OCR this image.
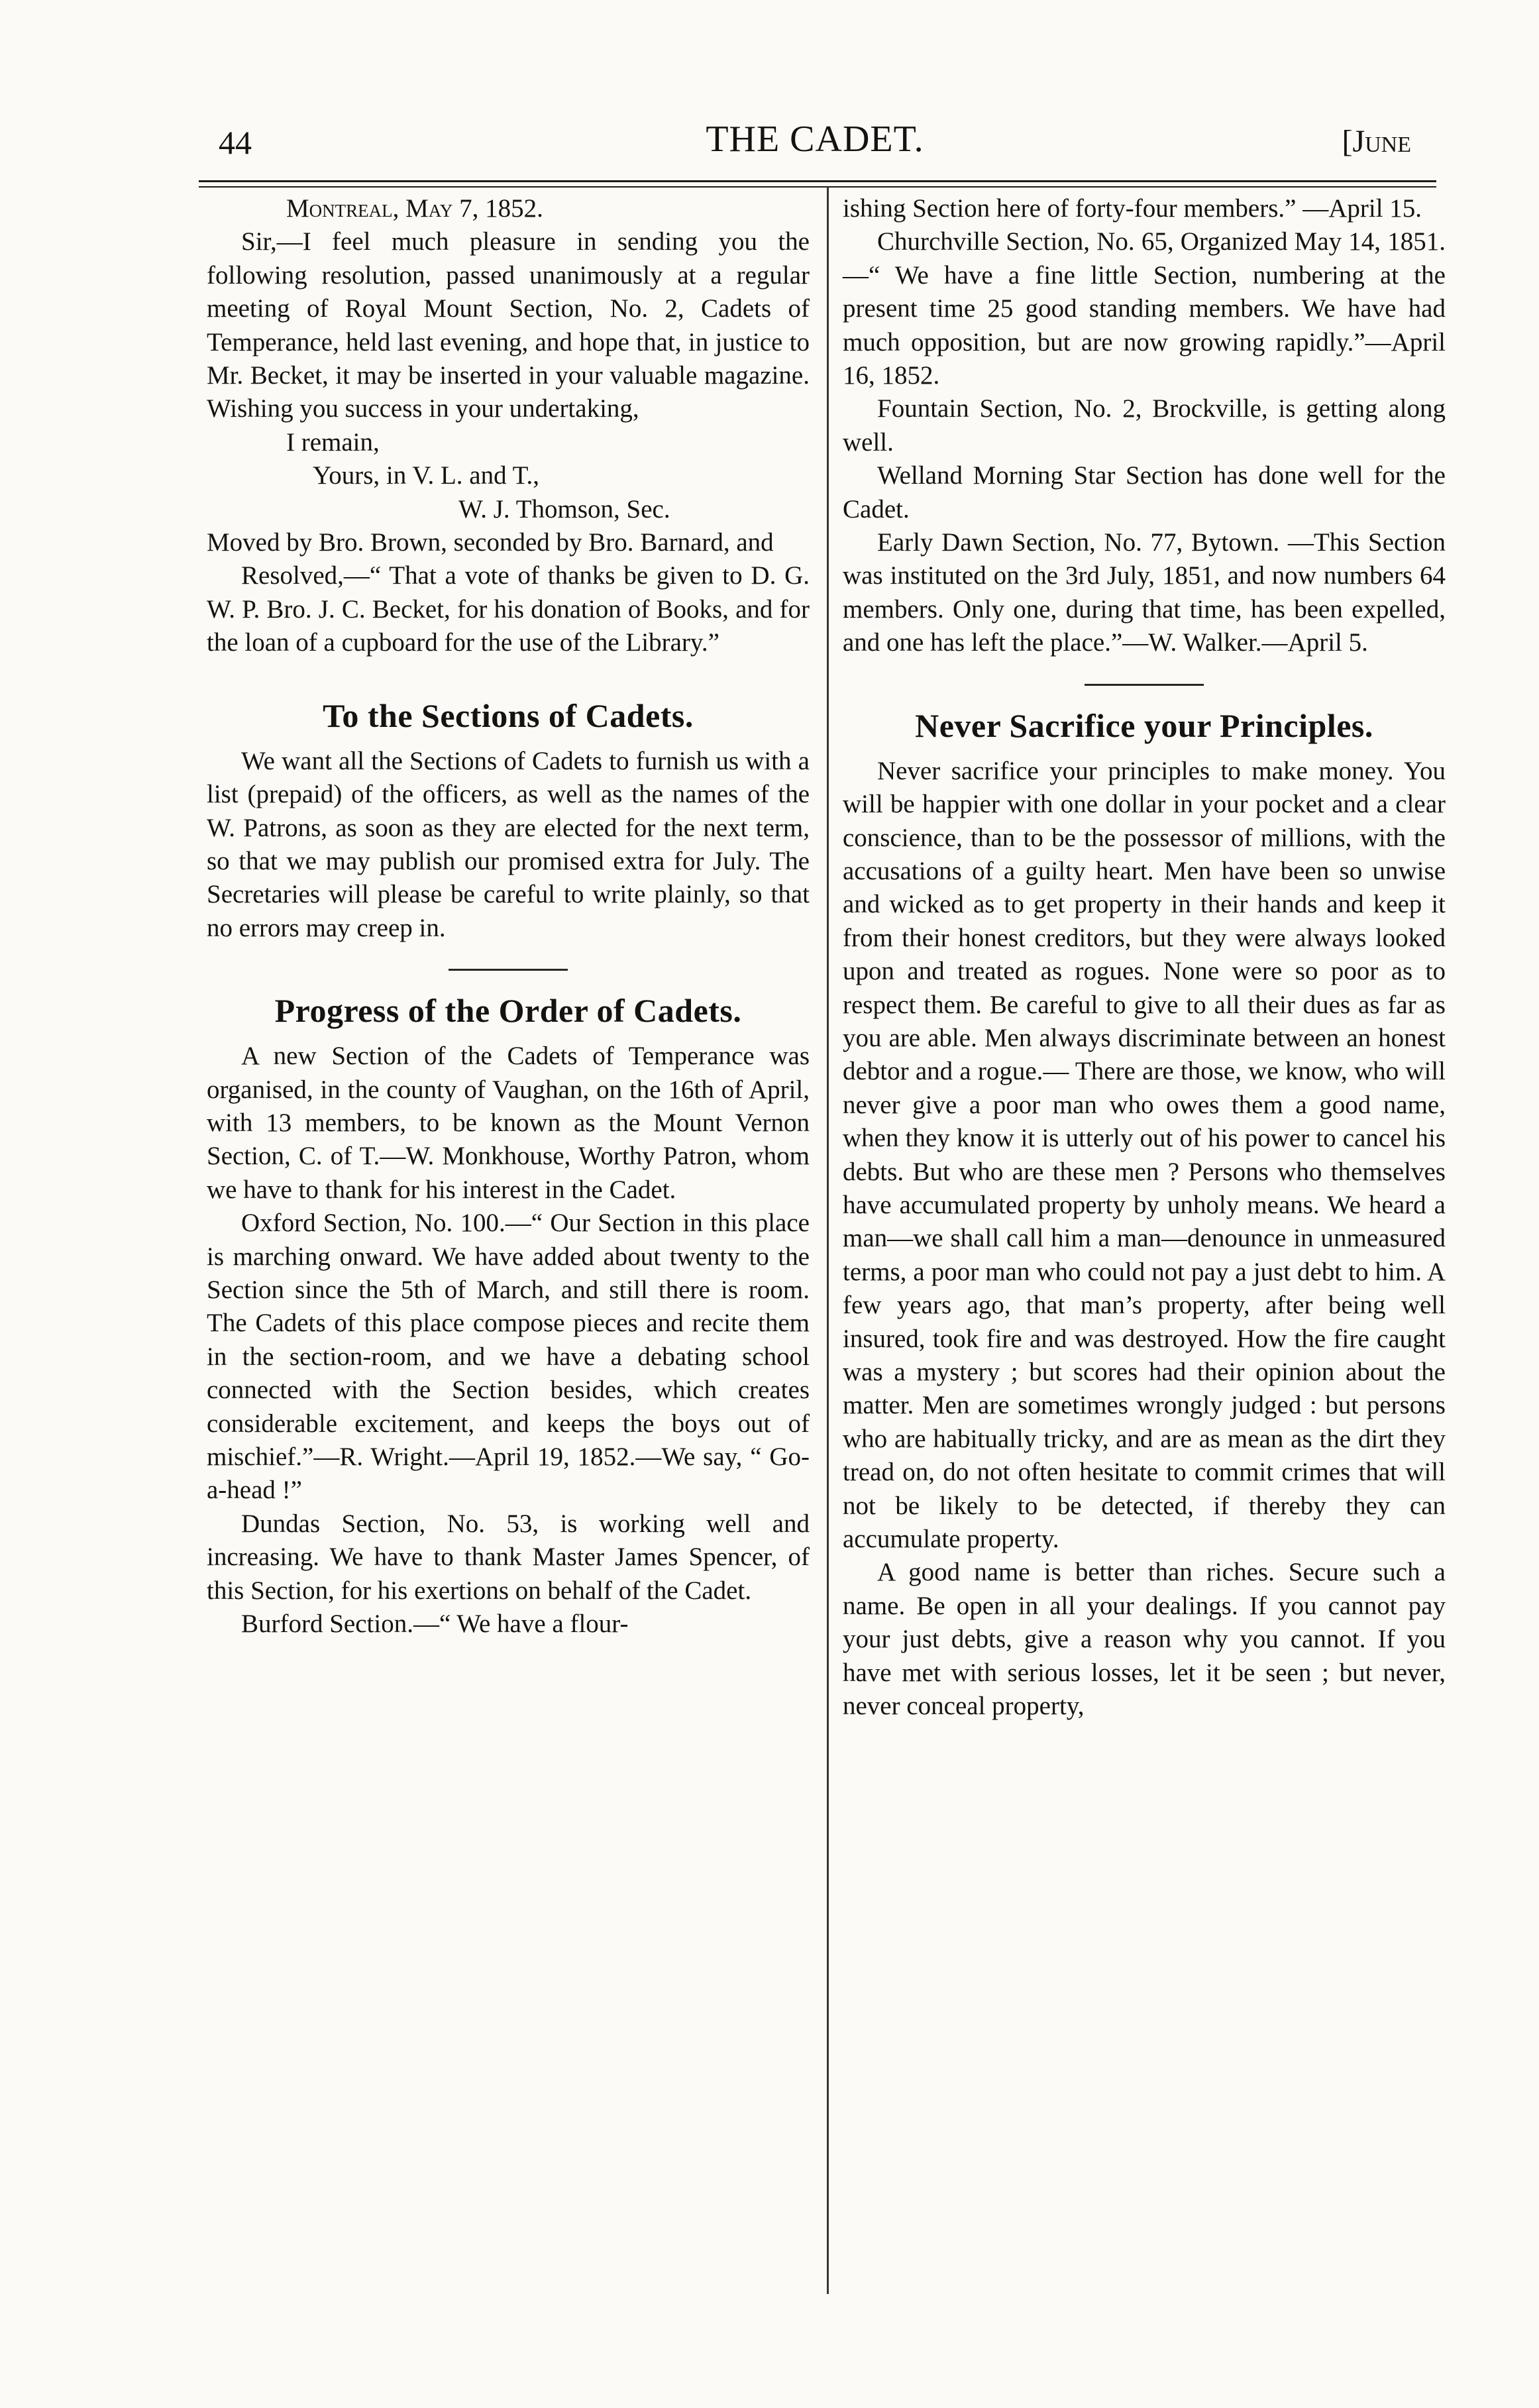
44	THE CADET.	[June

Montreal, May 7, 1852.

Sir,—I feel much pleasure in sending you the following resolution, passed unanimously at a regular meeting of Royal Mount Section, No. 2, Cadets of Temperance, held last evening, and hope that, in justice to Mr. Becket, it may be inserted in your valuable magazine. Wishing you success in your undertaking,

I remain,
Yours, in V. L. and T.,
W. J. Thomson, Sec.

Moved by Bro. Brown, seconded by Bro. Barnard, and

Resolved,—“ That a vote of thanks be given to D. G. W. P. Bro. J. C. Becket, for his donation of Books, and for the loan of a cupboard for the use of the Library.”

To the Sections of Cadets.

We want all the Sections of Cadets to furnish us with a list (prepaid) of the officers, as well as the names of the W. Patrons, as soon as they are elected for the next term, so that we may publish our promised extra for July. The Secretaries will please be careful to write plainly, so that no errors may creep in.

Progress of the Order of Cadets.

A new Section of the Cadets of Temperance was organised, in the county of Vaughan, on the 16th of April, with 13 members, to be known as the Mount Vernon Section, C. of T.—W. Monkhouse, Worthy Patron, whom we have to thank for his interest in the Cadet.

Oxford Section, No. 100.—“ Our Section in this place is marching onward. We have added about twenty to the Section since the 5th of March, and still there is room. The Cadets of this place compose pieces and recite them in the section-room, and we have a debating school connected with the Section besides, which creates considerable excitement, and keeps the boys out of mischief.”—R. Wright.—April 19, 1852.—We say, “ Go-a-head !”

Dundas Section, No. 53, is working well and increasing. We have to thank Master James Spencer, of this Section, for his exertions on behalf of the Cadet.

Burford Section.—“ We have a flour-

ishing Section here of forty-four members.” —April 15.

Churchville Section, No. 65, Organized May 14, 1851.—“ We have a fine little Section, numbering at the present time 25 good standing members. We have had much opposition, but are now growing rapidly.”—April 16, 1852.

Fountain Section, No. 2, Brockville, is getting along well.

Welland Morning Star Section has done well for the Cadet.

Early Dawn Section, No. 77, Bytown. —This Section was instituted on the 3rd July, 1851, and now numbers 64 members. Only one, during that time, has been expelled, and one has left the place.”—W. Walker.—April 5.

Never Sacrifice your Principles.

Never sacrifice your principles to make money. You will be happier with one dollar in your pocket and a clear conscience, than to be the possessor of millions, with the accusations of a guilty heart. Men have been so unwise and wicked as to get property in their hands and keep it from their honest creditors, but they were always looked upon and treated as rogues. None were so poor as to respect them. Be careful to give to all their dues as far as you are able. Men always discriminate between an honest debtor and a rogue.— There are those, we know, who will never give a poor man who owes them a good name, when they know it is utterly out of his power to cancel his debts. But who are these men ? Persons who themselves have accumulated property by unholy means. We heard a man—we shall call him a man—denounce in unmeasured terms, a poor man who could not pay a just debt to him. A few years ago, that man’s property, after being well insured, took fire and was destroyed. How the fire caught was a mystery ; but scores had their opinion about the matter. Men are sometimes wrongly judged : but persons who are habitually tricky, and are as mean as the dirt they tread on, do not often hesitate to commit crimes that will not be likely to be detected, if thereby they can accumulate property.

A good name is better than riches. Secure such a name. Be open in all your dealings. If you cannot pay your just debts, give a reason why you cannot. If you have met with serious losses, let it be seen ; but never, never conceal property,
